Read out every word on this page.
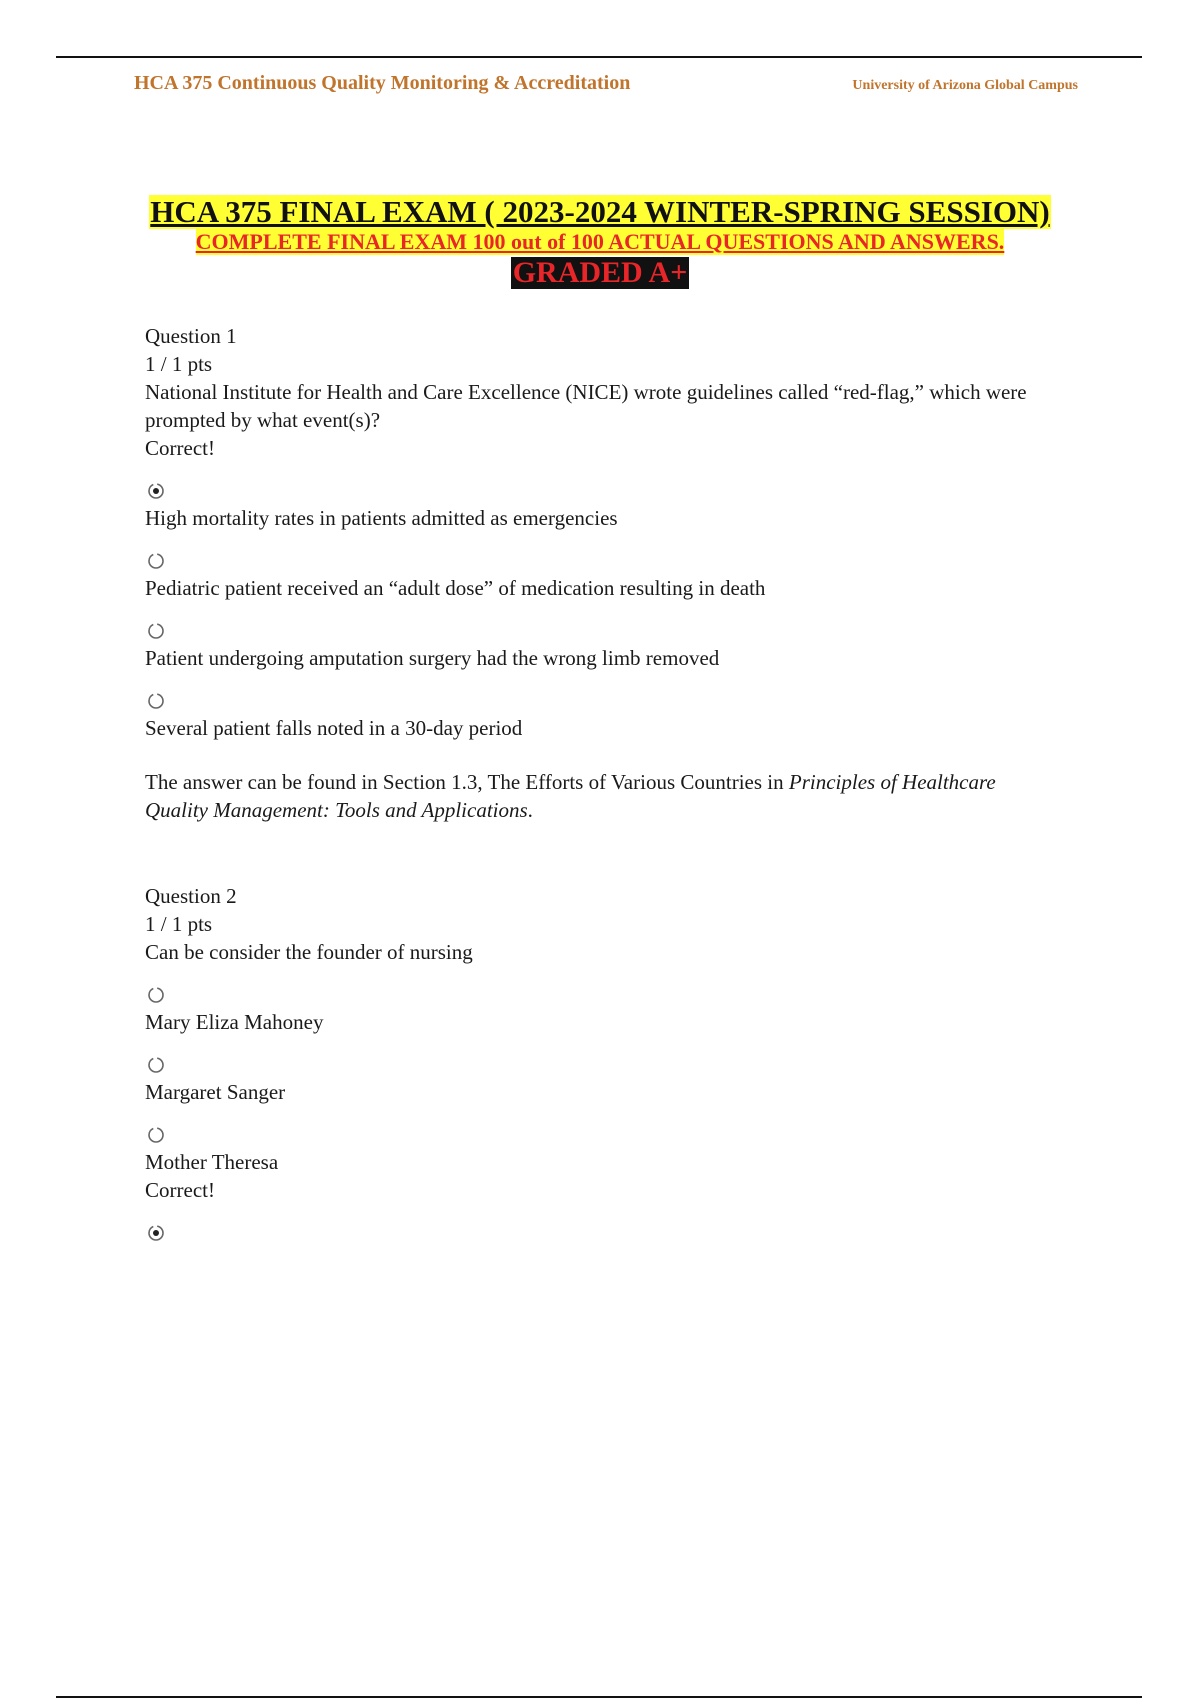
HCA 375 Continuous Quality Monitoring & Accreditation	University of Arizona Global Campus
HCA 375 FINAL EXAM ( 2023-2024 WINTER-SPRING SESSION)
COMPLETE FINAL EXAM 100 out of 100 ACTUAL QUESTIONS AND ANSWERS.
GRADED A+
Question 1
1 / 1 pts
National Institute for Health and Care Excellence (NICE) wrote guidelines called “red-flag,” which were prompted by what event(s)?
Correct!
High mortality rates in patients admitted as emergencies
Pediatric patient received an “adult dose” of medication resulting in death
Patient undergoing amputation surgery had the wrong limb removed
Several patient falls noted in a 30-day period
The answer can be found in Section 1.3, The Efforts of Various Countries in Principles of Healthcare Quality Management: Tools and Applications.
Question 2
1 / 1 pts
Can be consider the founder of nursing
Mary Eliza Mahoney
Margaret Sanger
Mother Theresa
Correct!
